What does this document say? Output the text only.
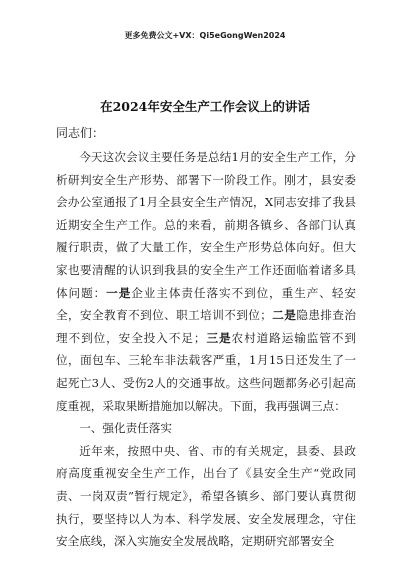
更多免费公文+VX：Qi5eGongWen2024
在2024年安全生产工作会议上的讲话
同志们：

今天这次会议主要任务是总结1月的安全生产工作，分析研判安全生产形势、部署下一阶段工作。刚才，县安委会办公室通报了1月全县安全生产情况，X同志安排了我县近期安全生产工作。总的来看，前期各镇乡、各部门认真履行职责，做了大量工作，安全生产形势总体向好。但大家也要清醒的认识到我县的安全生产工作还面临着诸多具体问题：一是企业主体责任落实不到位，重生产、轻安全，安全教育不到位、职工培训不到位；二是隐患排查治理不到位，安全投入不足；三是农村道路运输监管不到位，面包车、三轮车非法载客严重，1月15日还发生了一起死亡3人、受伤2人的交通事故。这些问题都务必引起高度重视，采取果断措施加以解决。下面，我再强调三点：

一、强化责任落实

近年来，按照中央、省、市的有关规定，县委、县政府高度重视安全生产工作，出台了《县安全生产“党政同责、一岗双责”暂行规定》，希望各镇乡、部门要认真贯彻执行，要坚持以人为本、科学发展、安全发展理念，守住安全底线，深入实施安全发展战略，定期研究部署安全
